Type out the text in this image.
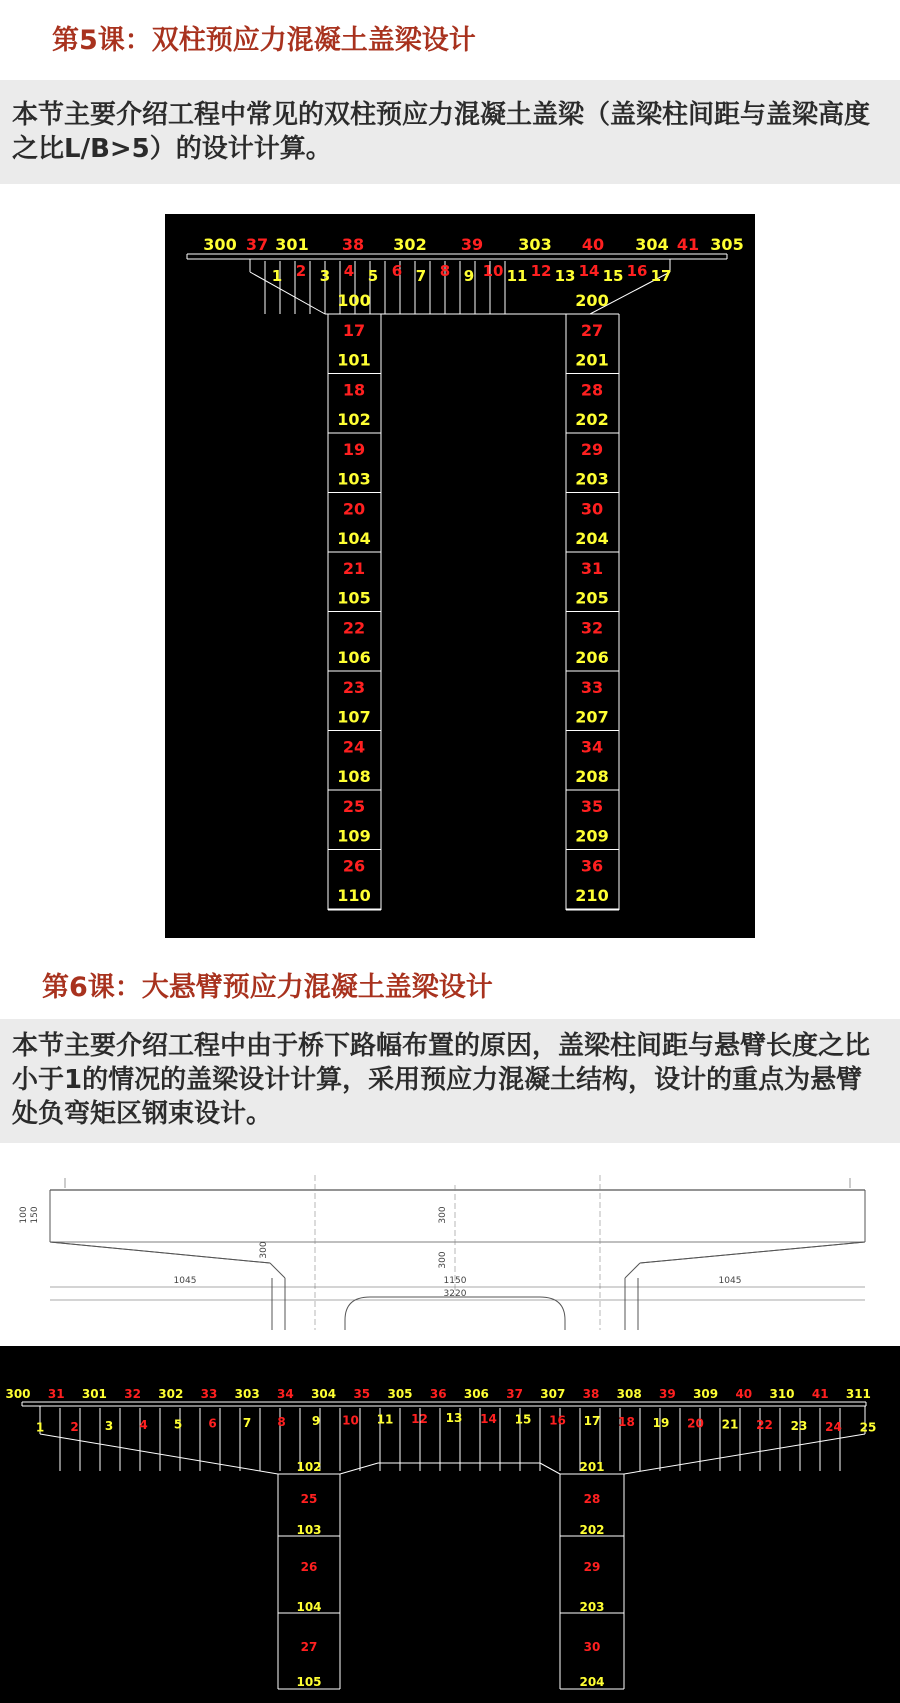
第5课：双柱预应力混凝土盖梁设计

本节主要介绍工程中常见的双柱预应力混凝土盖梁（盖梁柱间距与盖梁高度之比L/B>5）的设计计算。

300 37 301 38 302 39 303 40 304 41 305
1 2 3 4 5 6 7 8 9 10 11 12 13 14 15 16 17
100
101
102
103
104
105
106
107
108
109
110
17
18
19
20
21
22
23
24
25
26
200
201
202
203
204
205
206
207
208
209
210
27
28
29
30
31
32
33
34
35
36
第6课：大悬臂预应力混凝土盖梁设计

本节主要介绍工程中由于桥下路幅布置的原因，盖梁柱间距与悬臂长度之比小于1的情况的盖梁设计计算，采用预应力混凝土结构，设计的重点为悬臂处负弯矩区钢束设计。

1045	1150	1045
3220
100 150	300
300
300
300 31 301 32 302 33 303 34 304 35 305 36 306 37 307 38 308 39 309 40 310 41 311
1 2 3 4 5 6 7 8 9 10 11 12 13 14 15 16 17 18 19 20 21 22 23 24 25
102
103
104
105
25
26
27
201
202
203
204
28
29
30
